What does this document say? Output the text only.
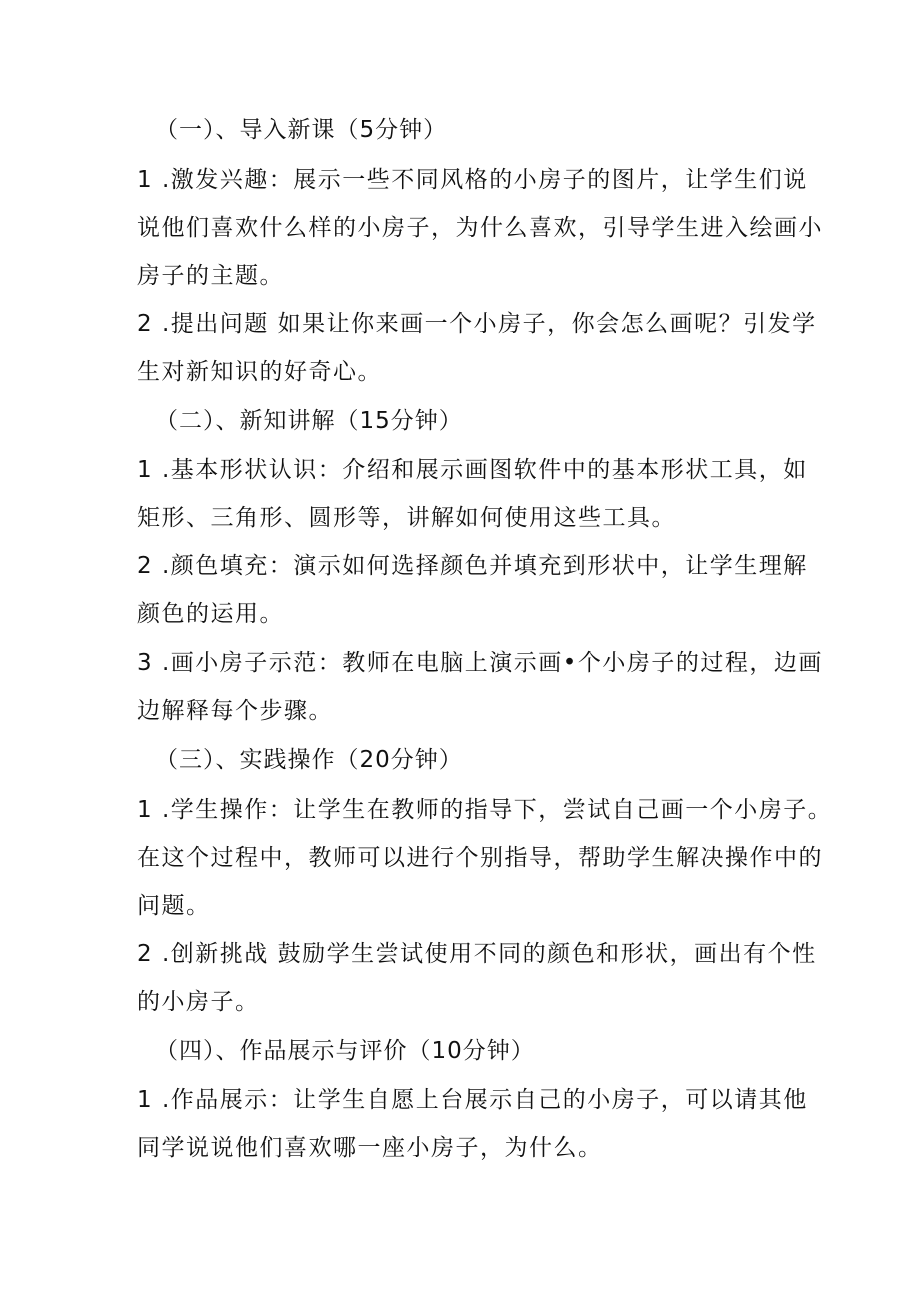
（一）、导入新课（5分钟）

1 .激发兴趣：展示一些不同风格的小房子的图片，让学生们说
说他们喜欢什么样的小房子，为什么喜欢，引导学生进入绘画小
房子的主题。

2 .提出问题 如果让你来画一个小房子，你会怎么画呢？引发学
生对新知识的好奇心。

（二）、新知讲解（15分钟）

1 .基本形状认识：介绍和展示画图软件中的基本形状工具，如
矩形、三角形、圆形等，讲解如何使用这些工具。

2 .颜色填充：演示如何选择颜色并填充到形状中，让学生理解
颜色的运用。

3 .画小房子示范：教师在电脑上演示画•个小房子的过程，边画
边解释每个步骤。

（三）、实践操作（20分钟）

1 .学生操作：让学生在教师的指导下，尝试自己画一个小房子。
在这个过程中，教师可以进行个别指导，帮助学生解决操作中的
问题。

2 .创新挑战 鼓励学生尝试使用不同的颜色和形状，画出有个性
的小房子。

（四）、作品展示与评价（10分钟）

1 .作品展示：让学生自愿上台展示自己的小房子，可以请其他
同学说说他们喜欢哪一座小房子，为什么。
